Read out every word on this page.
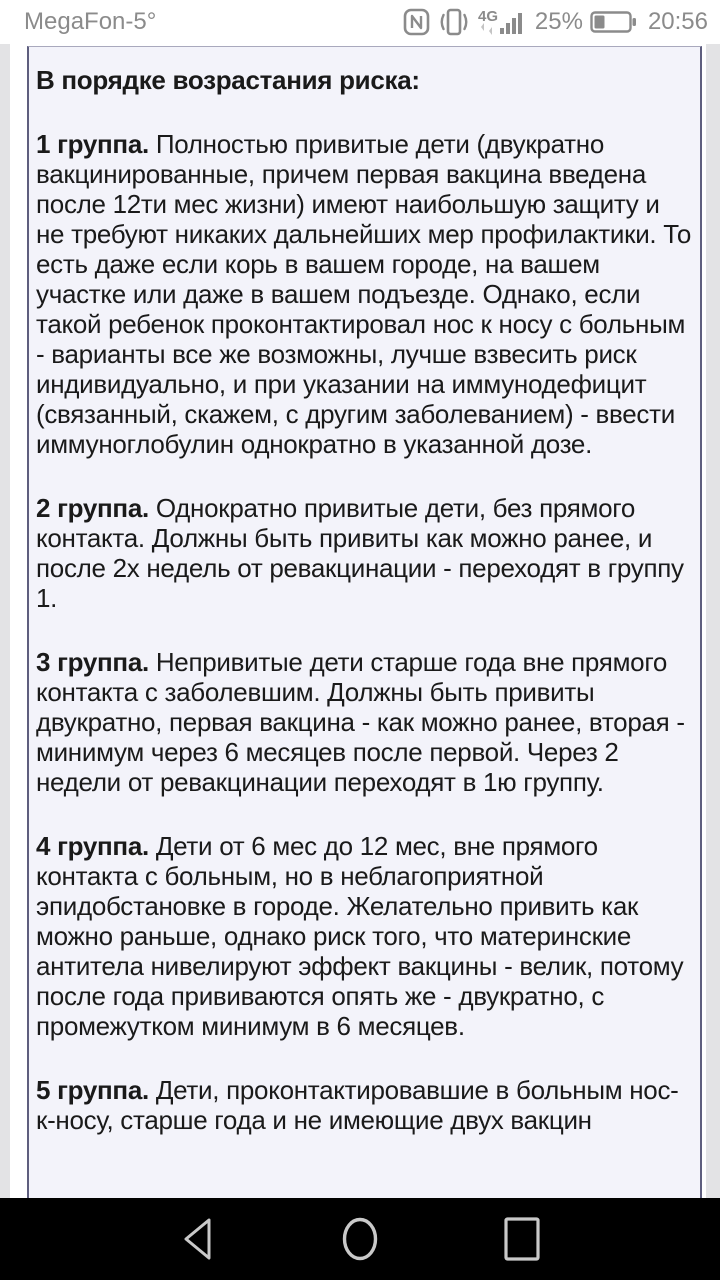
MegaFon -5°	4G 25%	20:56
В порядке возрастания риска:

1 группа. Полностью привитые дети (двукратно вакцинированные, причем первая вакцина введена после 12ти мес жизни) имеют наибольшую защиту и не требуют никаких дальнейших мер профилактики. То есть даже если корь в вашем городе, на вашем участке или даже в вашем подъезде. Однако, если такой ребенок проконтактировал нос к носу с больным - варианты все же возможны, лучше взвесить риск индивидуально, и при указании на иммунодефицит (связанный, скажем, с другим заболеванием) - ввести иммуноглобулин однократно в указанной дозе.

2 группа. Однократно привитые дети, без прямого контакта. Должны быть привиты как можно ранее, и после 2х недель от ревакцинации - переходят в группу 1.

3 группа. Непривитые дети старше года вне прямого контакта с заболевшим. Должны быть привиты двукратно, первая вакцина - как можно ранее, вторая - минимум через 6 месяцев после первой. Через 2 недели от ревакцинации переходят в 1ю группу.

4 группа. Дети от 6 мес до 12 мес, вне прямого контакта с больным, но в неблагоприятной эпидобстановке в городе. Желательно привить как можно раньше, однако риск того, что материнские антитела нивелируют эффект вакцины - велик, потому после года прививаются опять же - двукратно, с промежутком минимум в 6 месяцев.

5 группа. Дети, проконтактировавшие в больным нос-к-носу, старше года и не имеющие двух вакцин
